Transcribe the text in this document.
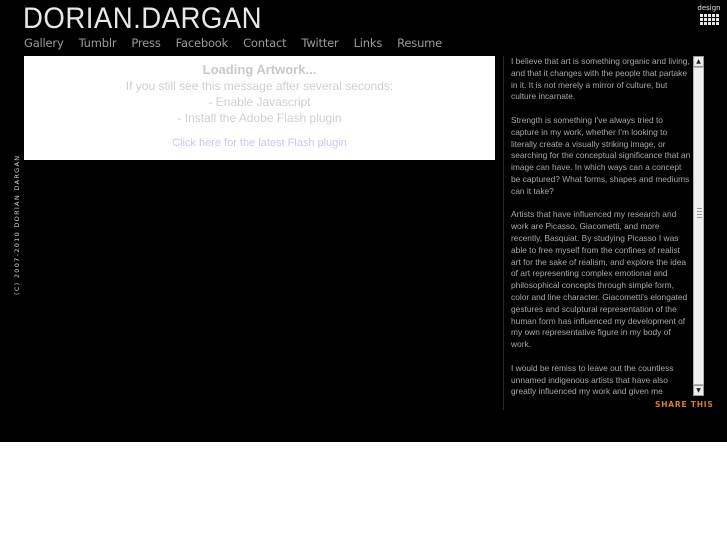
DORIAN.DARGAN
Gallery Tumblr Press Facebook Contact Twitter Links Resume
design
(C) 2007-2010 DORIAN DARGAN
Loading Artwork...
If you still see this message after several seconds:
- Enable Javascript
- Install the Adobe Flash plugin
Click here for the latest Flash plugin

I believe that art is something organic and living, and that it changes with the people that partake in it. It is not merely a mirror of culture, but culture incarnate.

Strength is something I've always tried to capture in my work, whether I'm looking to literally create a visually striking image, or searching for the conceptual significance that an image can have. In which ways can a concept be captured? What forms, shapes and mediums can it take?

Artists that have influenced my research and work are Picasso, Giacometti, and more recently, Basquiat. By studying Picasso I was able to free myself from the confines of realist art for the sake of realism, and explore the idea of art representing complex emotional and philosophical concepts through simple form, color and line character. Giacometti's elongated gestures and sculptural representation of the human form has influenced my development of my own representative figure in my body of work.

I would be remiss to leave out the countless unnamed indigenous artists that have also greatly influenced my work and given me

▲
▼
SHARE THIS
